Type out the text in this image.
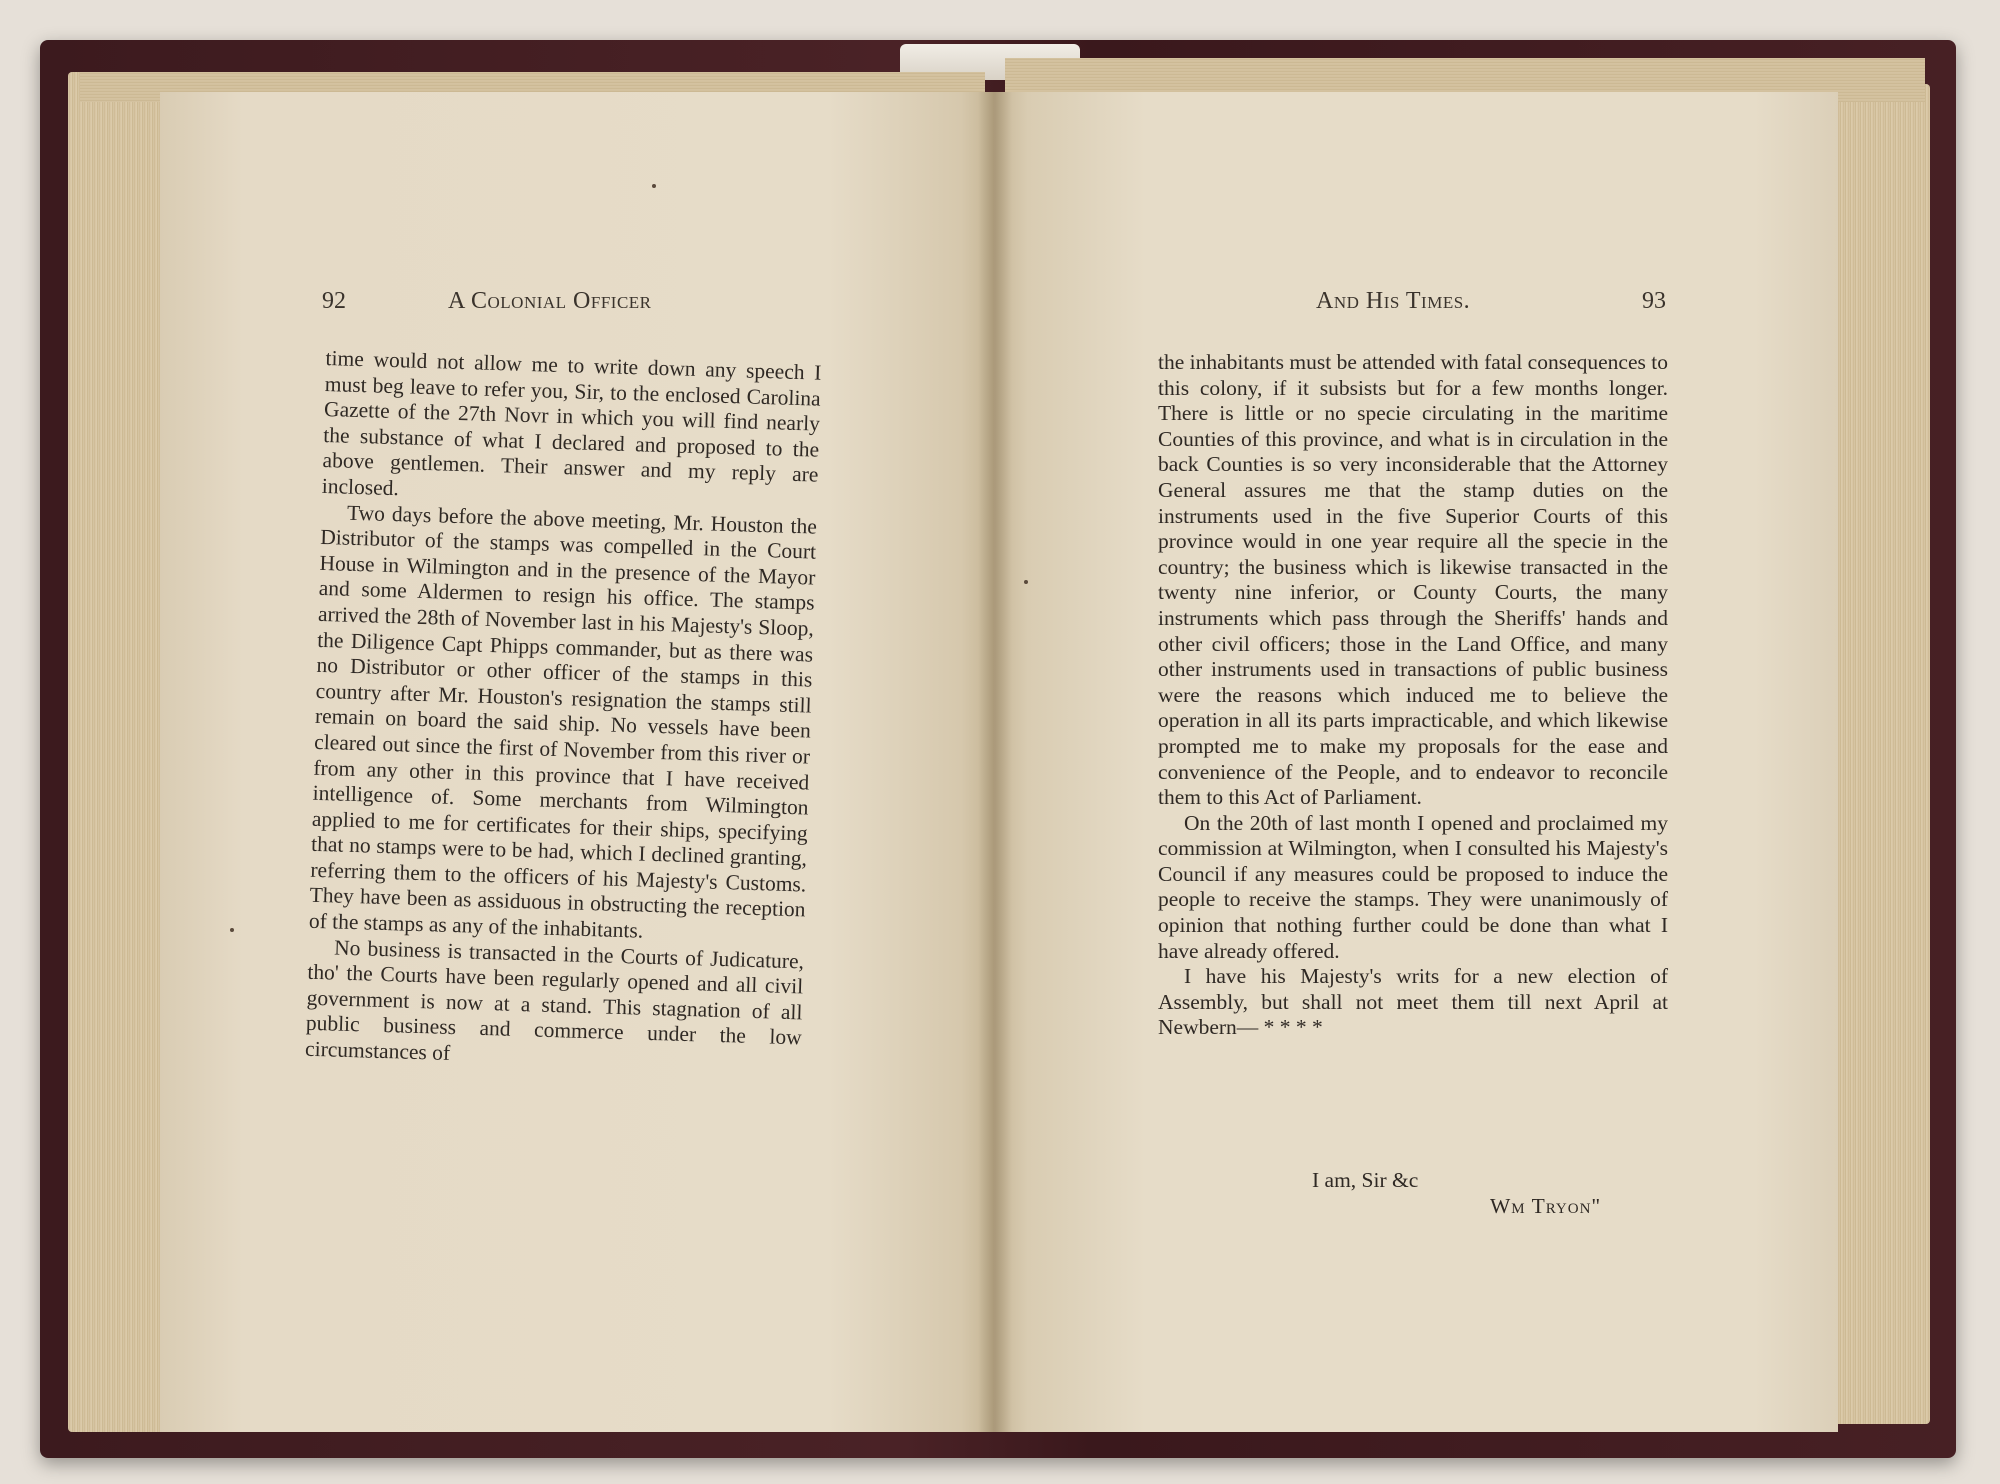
92	A Colonial Officer	And His Times.	93

time would not allow me to write down any speech I must beg leave to refer you, Sir, to the enclosed Carolina Gazette of the 27th Novr in which you will find nearly the substance of what I declared and proposed to the above gentlemen. Their answer and my reply are inclosed.

Two days before the above meeting, Mr. Houston the Distributor of the stamps was compelled in the Court House in Wilmington and in the presence of the Mayor and some Aldermen to resign his office. The stamps arrived the 28th of November last in his Majesty's Sloop, the Diligence Capt Phipps commander, but as there was no Distributor or other officer of the stamps in this country after Mr. Houston's resignation the stamps still remain on board the said ship. No vessels have been cleared out since the first of November from this river or from any other in this province that I have received intelligence of. Some merchants from Wilmington applied to me for certificates for their ships, specifying that no stamps were to be had, which I declined granting, referring them to the officers of his Majesty's Customs. They have been as assiduous in obstructing the reception of the stamps as any of the inhabitants.

No business is transacted in the Courts of Judicature, tho' the Courts have been regularly opened and all civil government is now at a stand. This stagnation of all public business and commerce under the low circumstances of

the inhabitants must be attended with fatal consequences to this colony, if it subsists but for a few months longer. There is little or no specie circulating in the maritime Counties of this province, and what is in circulation in the back Counties is so very inconsiderable that the Attorney General assures me that the stamp duties on the instruments used in the five Superior Courts of this province would in one year require all the specie in the country; the business which is likewise transacted in the twenty nine inferior, or County Courts, the many instruments which pass through the Sheriffs' hands and other civil officers; those in the Land Office, and many other instruments used in transactions of public business were the reasons which induced me to believe the operation in all its parts impracticable, and which likewise prompted me to make my proposals for the ease and convenience of the People, and to endeavor to reconcile them to this Act of Parliament.

On the 20th of last month I opened and proclaimed my commission at Wilmington, when I consulted his Majesty's Council if any measures could be proposed to induce the people to receive the stamps. They were unanimously of opinion that nothing further could be done than what I have already offered.

I have his Majesty's writs for a new election of Assembly, but shall not meet them till next April at Newbern— * * * *

I am, Sir &c
Wm Tryon"
